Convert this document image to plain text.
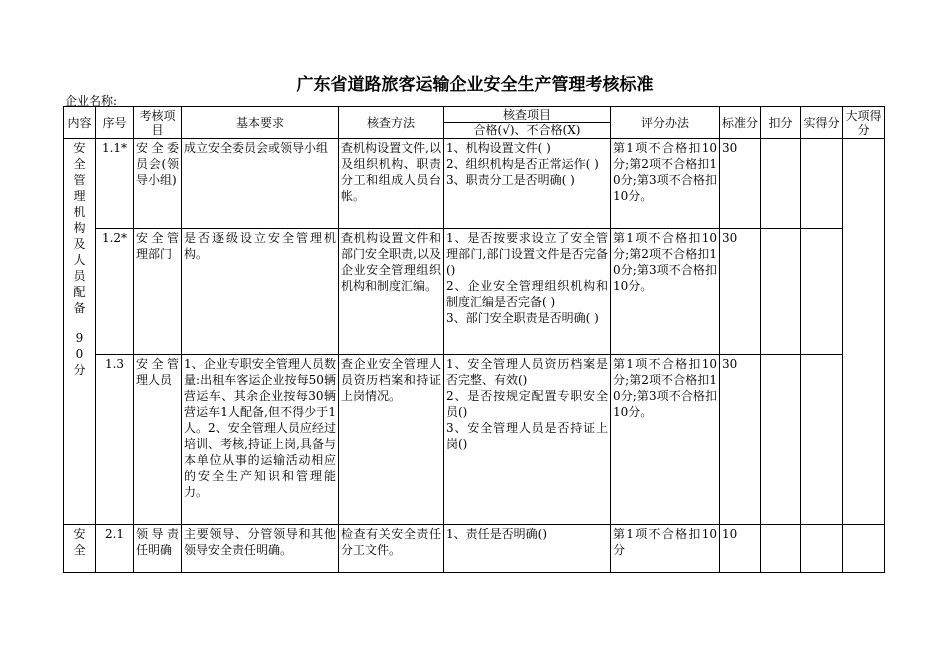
广东省道路旅客运输企业安全生产管理考核标准
企业名称:
内容	序号	考核项目	基本要求	核查方法	核查项目
合格(√)、不合格(X)	评分办法	标准分	扣分	实得分	大项得分

安全管理机构及人员配备
90分	1.1*	安全委员会(领导小组)	成立安全委员会或领导小组	查机构设置文件,以及组织机构、职责分工和组成人员台帐。	1、机构设置文件( )
2、组织机构是否正常运作( )
3、职责分工是否明确( )	第1项不合格扣10分;第2项不合格扣10分;第3项不合格扣10分。	30			
	1.2*	安全管理部门	是否逐级设立安全管理机构。	查机构设置文件和部门安全职责,以及企业安全管理组织机构和制度汇编。	1、是否按要求设立了安全管理部门,部门设置文件是否完备()
2、企业安全管理组织机构和制度汇编是否完备( )
3、部门安全职责是否明确( )	第1项不合格扣10分;第2项不合格扣10分;第3项不合格扣10分。	30			
	1.3	安全管理人员	1、企业专职安全管理人员数量:出租车客运企业按每50辆营运车、其余企业按每30辆营运车1人配备,但不得少于1人。2、安全管理人员应经过培训、考核,持证上岗,具备与本单位从事的运输活动相应的安全生产知识和管理能力。	查企业安全管理人员资历档案和持证上岗情况。	1、安全管理人员资历档案是否完整、有效()
2、是否按规定配置专职安全员()
3、安全管理人员是否持证上岗()	第1项不合格扣10分;第2项不合格扣10分;第3项不合格扣10分。	30			

安全	2.1	领导责任明确	主要领导、分管领导和其他领导安全责任明确。	检查有关安全责任分工文件。	1、责任是否明确()	第1项不合格扣10分	10			
